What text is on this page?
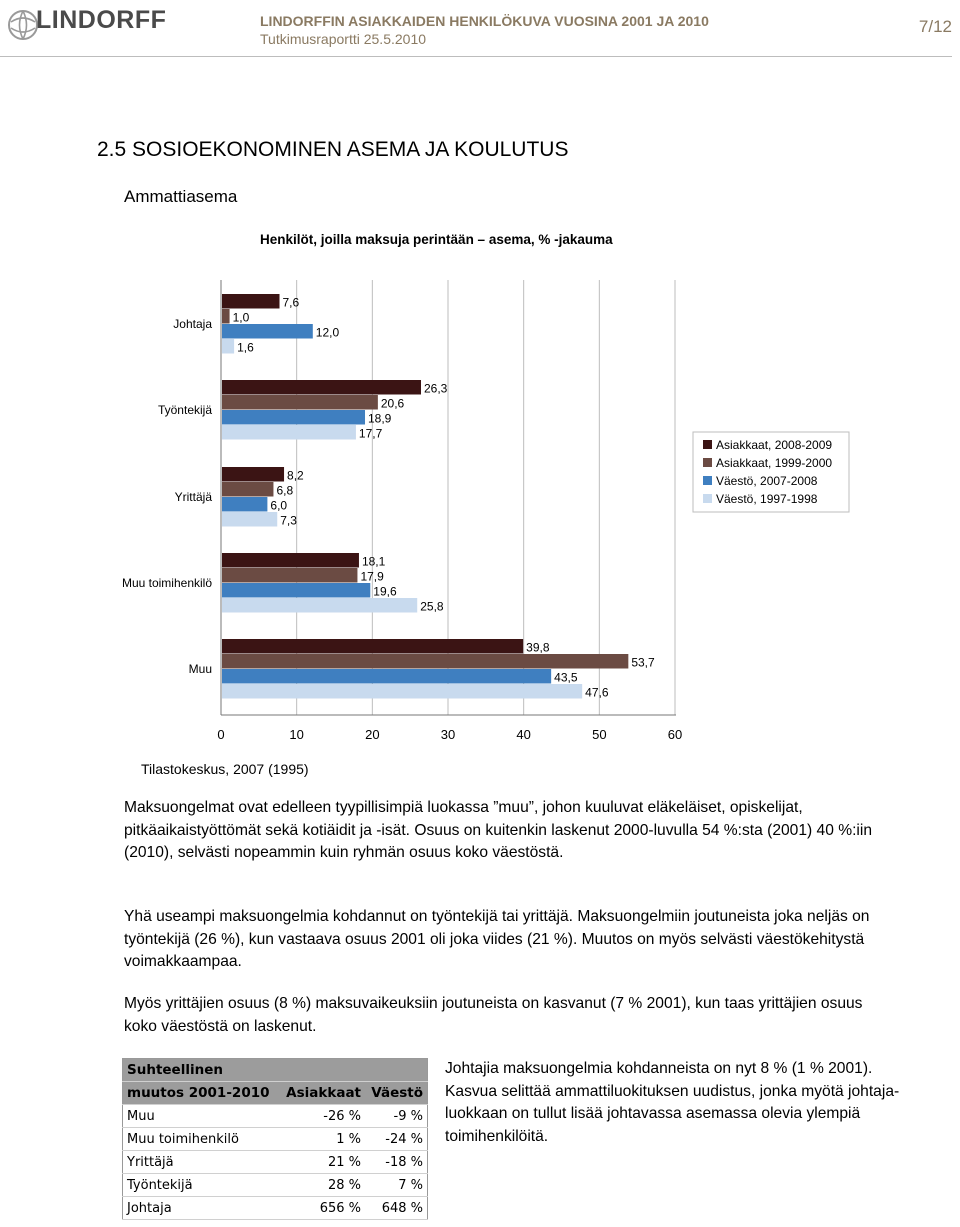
LINDORFF	LINDORFFIN ASIAKKAIDEN HENKILÖKUVA VUOSINA 2001 JA 2010
Tutkimusraportti 25.5.2010
7/12
2.5 SOSIOEKONOMINEN ASEMA JA KOULUTUS
Ammattiasema
Henkilöt, joilla maksuja perintään – asema, % -jakauma
7,6
1,0
12,0
1,6
26,3
20,6
18,9
17,7
8,2
6,8
6,0
7,3
18,1
17,9
19,6
25,8
39,8
53,7
43,5
47,6
Johtaja
Työntekijä
Yrittäjä
Muu toimihenkilö
Muu
0	10	20	30	40	50	60
Asiakkaat, 2008-2009
Asiakkaat, 1999-2000
Väestö, 2007-2008
Väestö, 1997-1998
Tilastokeskus, 2007 (1995)

Maksuongelmat ovat edelleen tyypillisimpiä luokassa ”muu”, johon kuuluvat eläkeläiset, opiskelijat, pitkäaikaistyöttömät sekä kotiäidit ja -isät. Osuus on kuitenkin laskenut 2000-luvulla 54 %:sta (2001) 40 %:iin (2010), selvästi nopeammin kuin ryhmän osuus koko väestöstä.

Yhä useampi maksuongelmia kohdannut on työntekijä tai yrittäjä. Maksuongelmiin joutuneista joka neljäs on työntekijä (26 %), kun vastaava osuus 2001 oli joka viides (21 %). Muutos on myös selvästi väestökehitystä voimakkaampaa.

Myös yrittäjien osuus (8 %) maksuvaikeuksiin joutuneista on kasvanut (7 % 2001), kun taas yrittäjien osuus koko väestöstä on laskenut.

Suhteellinen		
muutos 2001-2010	Asiakkaat	Väestö
Muu	-26 %	-9 %
Muu toimihenkilö	1 %	-24 %
Yrittäjä	21 %	-18 %
Työntekijä	28 %	7 %
Johtaja	656 %	648 %

Johtajia maksuongelmia kohdanneista on nyt 8 % (1 % 2001). Kasvua selittää ammattiluokituksen uudistus, jonka myötä johtaja-luokkaan on tullut lisää johtavassa asemassa olevia ylempiä toimihenkilöitä.
